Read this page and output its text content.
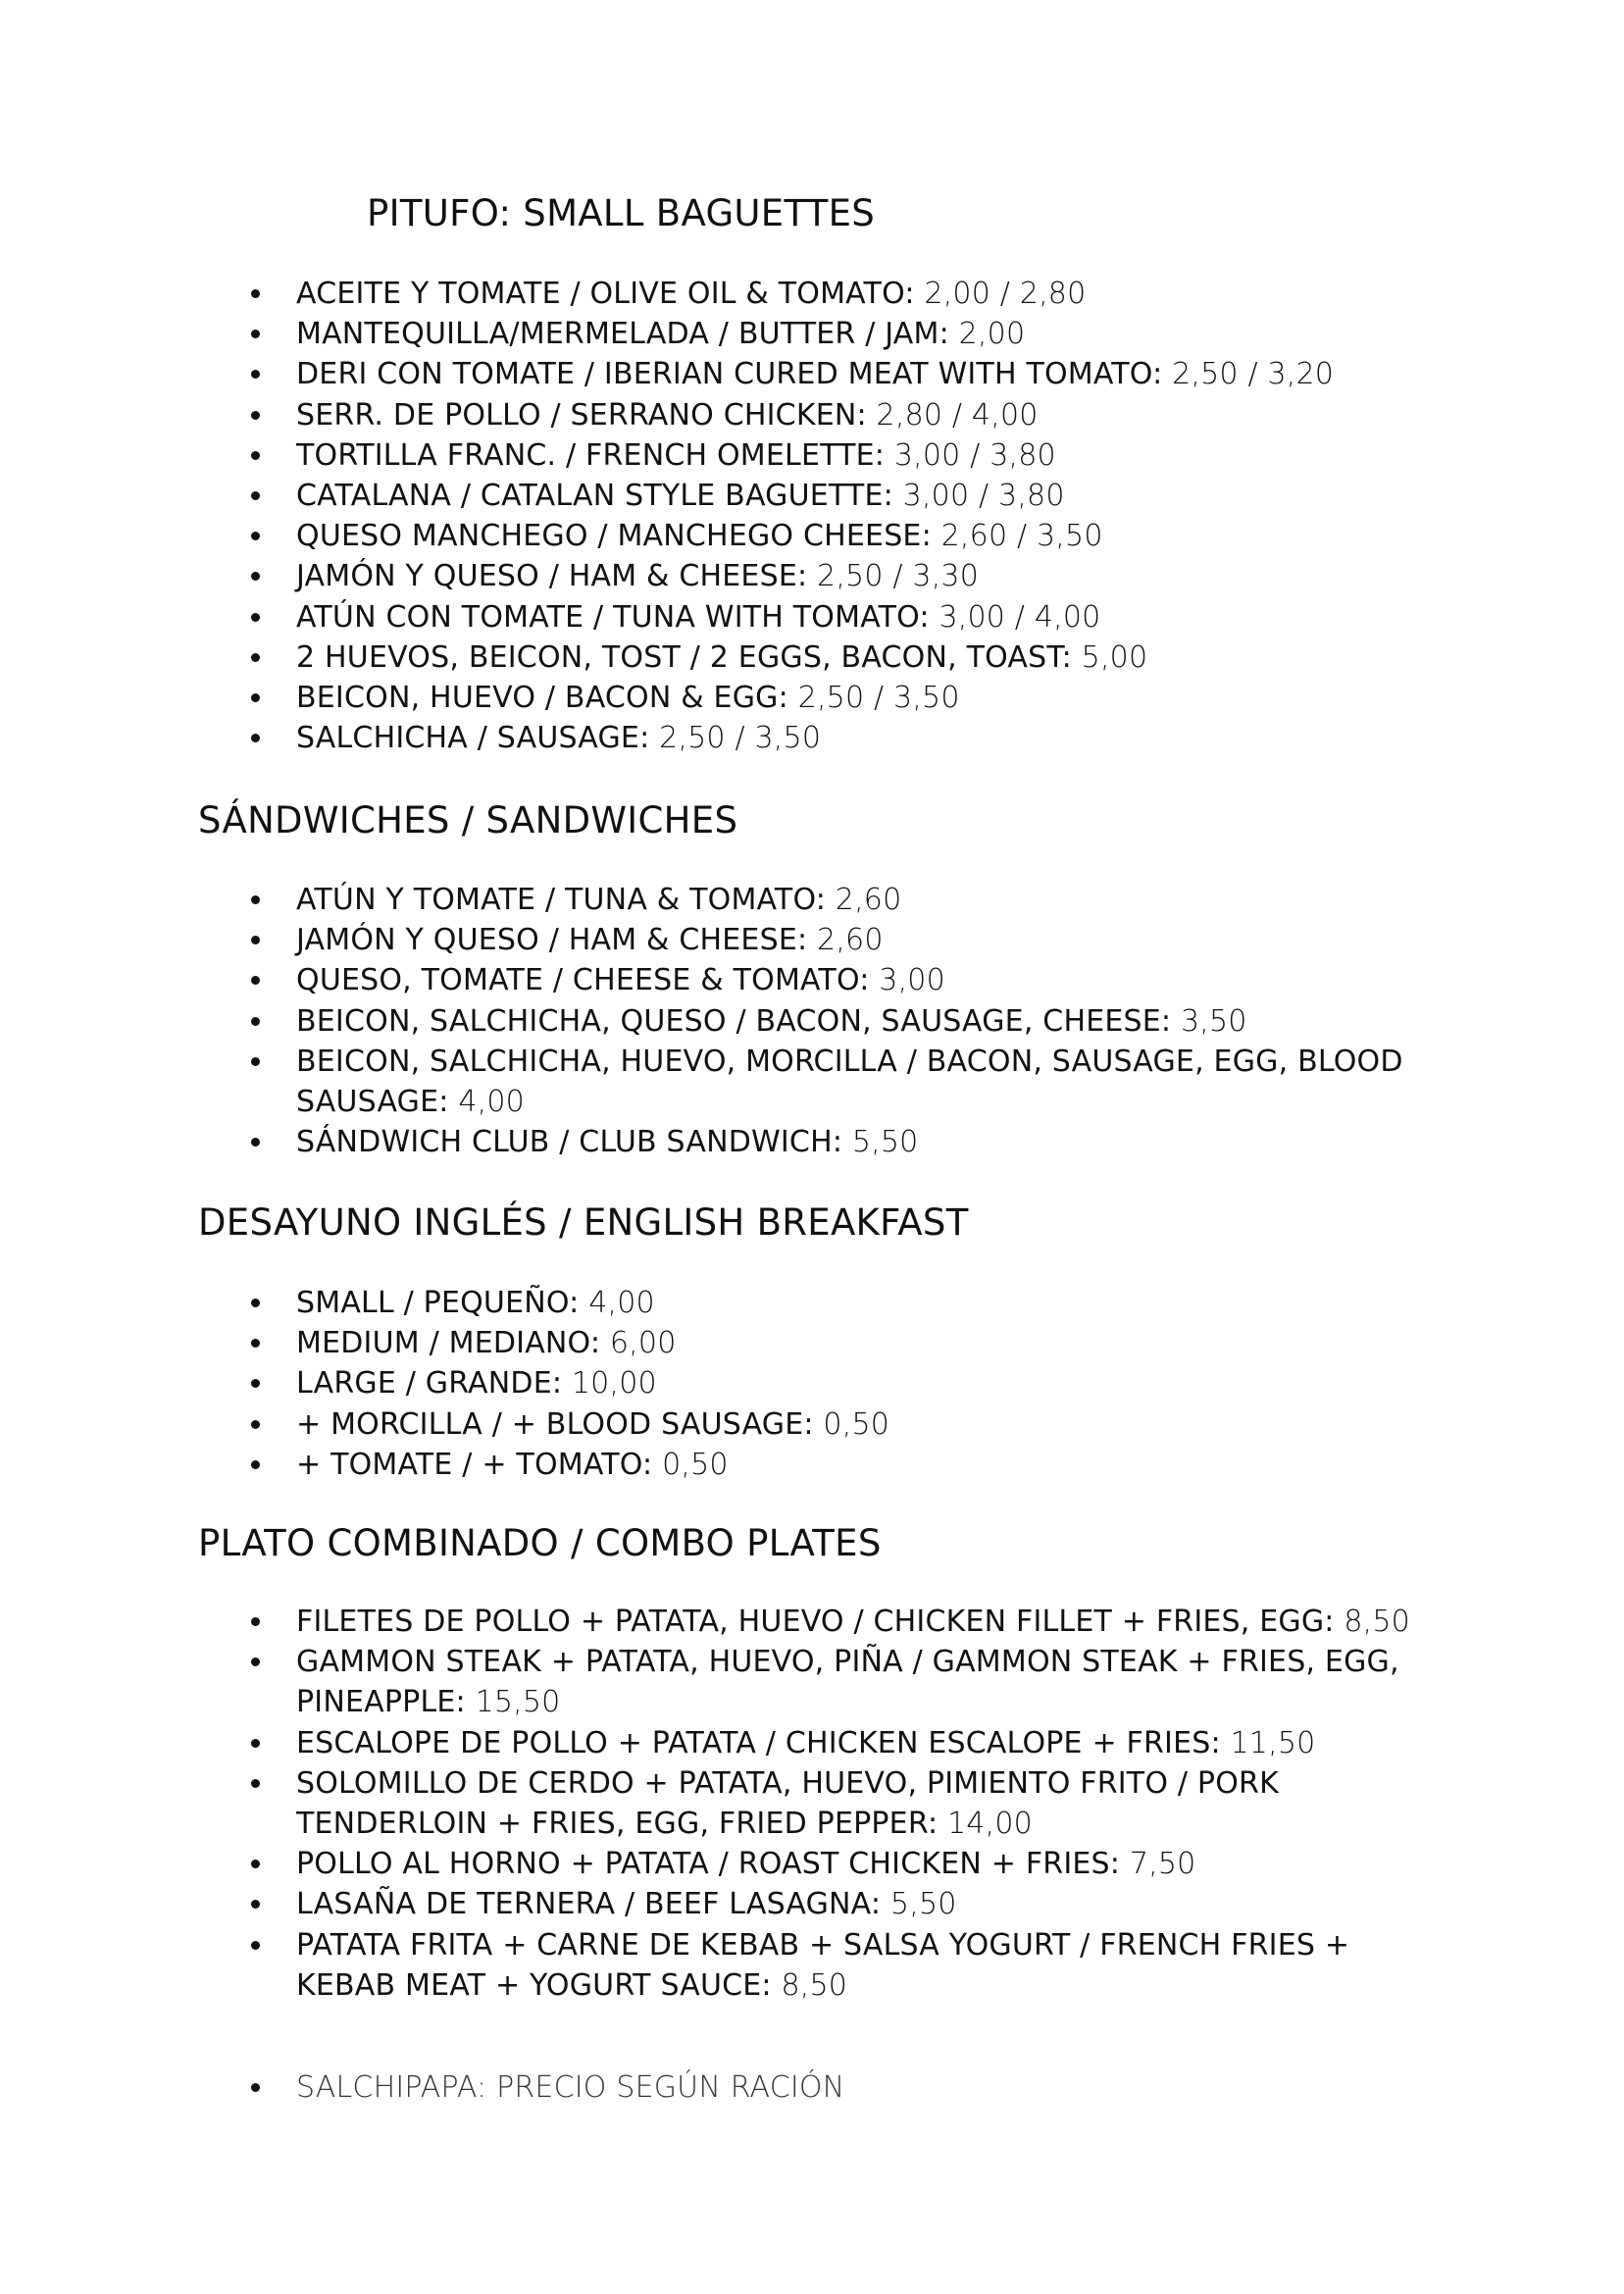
PITUFO: SMALL BAGUETTES
ACEITE Y TOMATE / OLIVE OIL & TOMATO: 2,00 / 2,80
MANTEQUILLA/MERMELADA / BUTTER / JAM: 2,00
DERI CON TOMATE / IBERIAN CURED MEAT WITH TOMATO: 2,50 / 3,20
SERR. DE POLLO / SERRANO CHICKEN: 2,80 / 4,00
TORTILLA FRANC. / FRENCH OMELETTE: 3,00 / 3,80
CATALANA / CATALAN STYLE BAGUETTE: 3,00 / 3,80
QUESO MANCHEGO / MANCHEGO CHEESE: 2,60 / 3,50
JAMÓN Y QUESO / HAM & CHEESE: 2,50 / 3,30
ATÚN CON TOMATE / TUNA WITH TOMATO: 3,00 / 4,00
2 HUEVOS, BEICON, TOST / 2 EGGS, BACON, TOAST: 5,00
BEICON, HUEVO / BACON & EGG: 2,50 / 3,50
SALCHICHA / SAUSAGE: 2,50 / 3,50
SÁNDWICHES / SANDWICHES
ATÚN Y TOMATE / TUNA & TOMATO: 2,60
JAMÓN Y QUESO / HAM & CHEESE: 2,60
QUESO, TOMATE / CHEESE & TOMATO: 3,00
BEICON, SALCHICHA, QUESO / BACON, SAUSAGE, CHEESE: 3,50
BEICON, SALCHICHA, HUEVO, MORCILLA / BACON, SAUSAGE, EGG, BLOOD SAUSAGE: 4,00
SÁNDWICH CLUB / CLUB SANDWICH: 5,50
DESAYUNO INGLÉS / ENGLISH BREAKFAST
SMALL / PEQUEÑO: 4,00
MEDIUM / MEDIANO: 6,00
LARGE / GRANDE: 10,00
+ MORCILLA / + BLOOD SAUSAGE: 0,50
+ TOMATE / + TOMATO: 0,50
PLATO COMBINADO / COMBO PLATES
FILETES DE POLLO + PATATA, HUEVO / CHICKEN FILLET + FRIES, EGG: 8,50
GAMMON STEAK + PATATA, HUEVO, PIÑA / GAMMON STEAK + FRIES, EGG, PINEAPPLE: 15,50
ESCALOPE DE POLLO + PATATA / CHICKEN ESCALOPE + FRIES: 11,50
SOLOMILLO DE CERDO + PATATA, HUEVO, PIMIENTO FRITO / PORK TENDERLOIN + FRIES, EGG, FRIED PEPPER: 14,00
POLLO AL HORNO + PATATA / ROAST CHICKEN + FRIES: 7,50
LASAÑA DE TERNERA / BEEF LASAGNA: 5,50
PATATA FRITA + CARNE DE KEBAB + SALSA YOGURT / FRENCH FRIES + KEBAB MEAT + YOGURT SAUCE: 8,50
SALCHIPAPA: PRECIO SEGÚN RACIÓN
